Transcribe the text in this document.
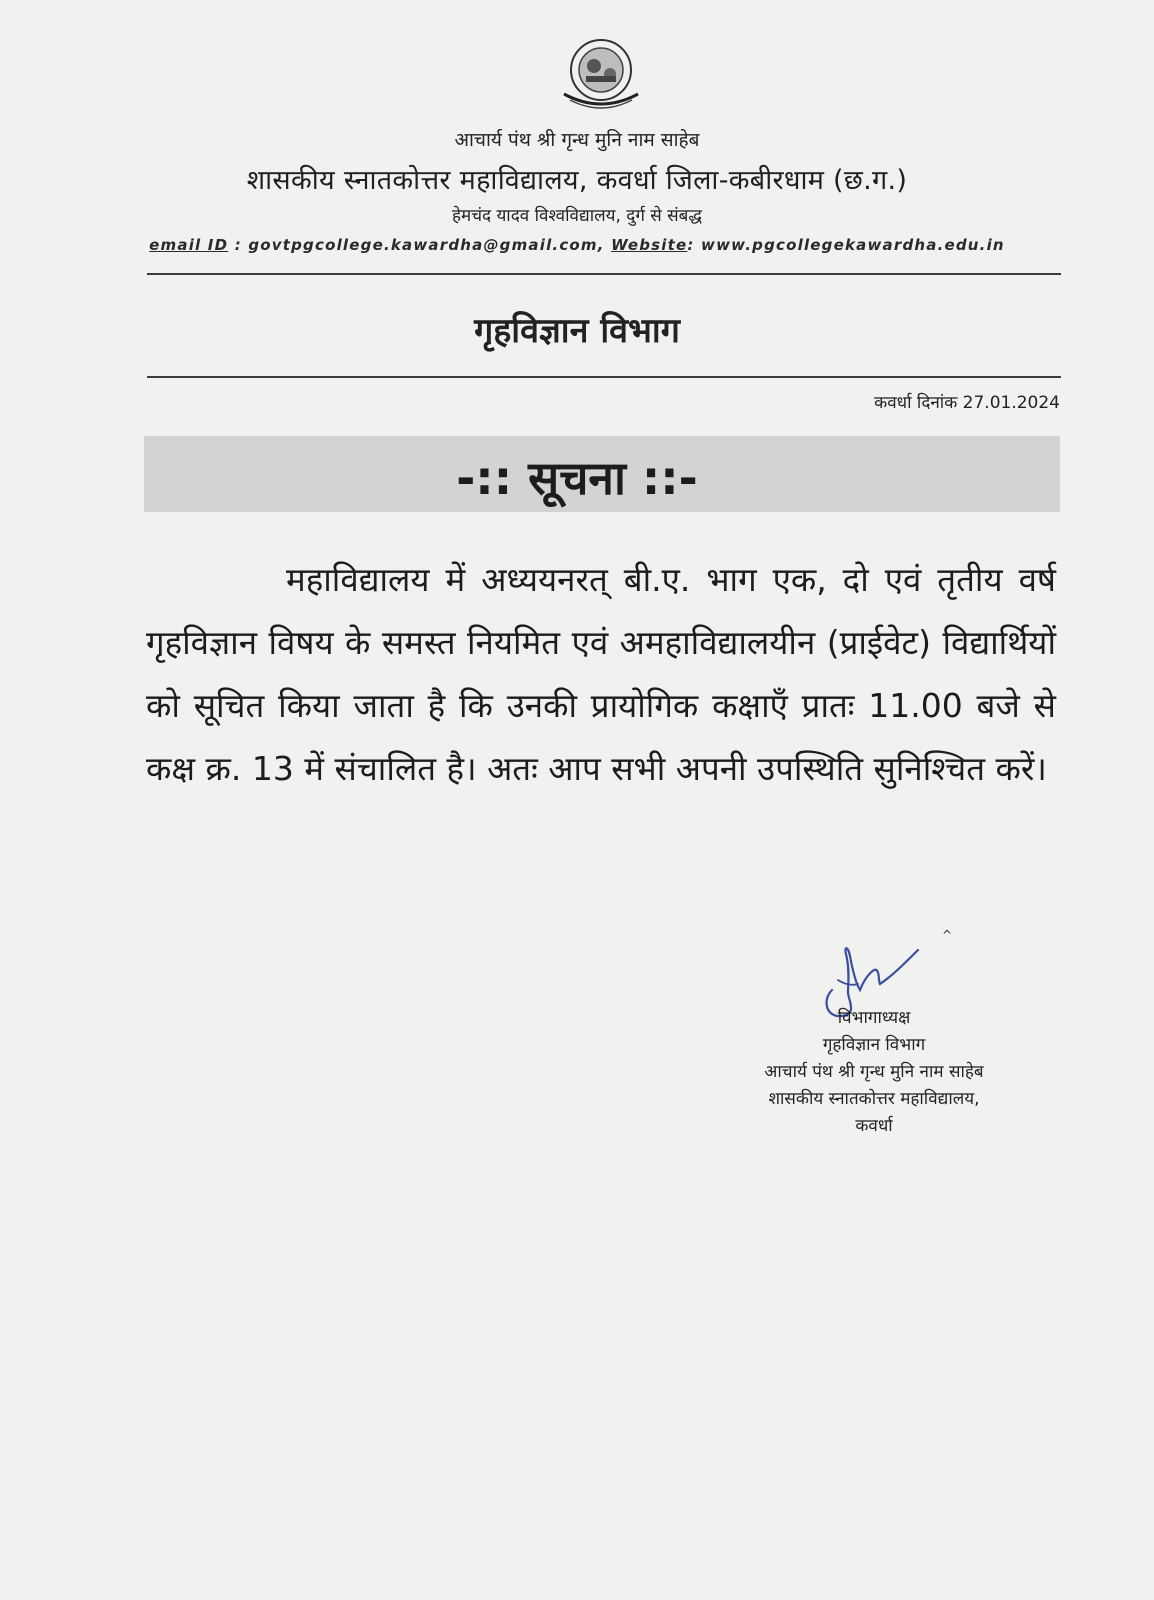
आचार्य पंथ श्री गृन्ध मुनि नाम साहेब
शासकीय स्नातकोत्तर महाविद्यालय, कवर्धा जिला-कबीरधाम (छ.ग.)
हेमचंद यादव विश्वविद्यालय, दुर्ग से संबद्ध
email ID : govtpgcollege.kawardha@gmail.com, Website: www.pgcollegekawardha.edu.in
गृहविज्ञान विभाग
कवर्धा दिनांक 27.01.2024
-:: सूचना ::-

महाविद्यालय में अध्ययनरत् बी.ए. भाग एक, दो एवं तृतीय वर्ष गृहविज्ञान विषय के समस्त नियमित एवं अमहाविद्यालयीन (प्राईवेट) विद्यार्थियों को सूचित किया जाता है कि उनकी प्रायोगिक कक्षाएँ प्रातः 11.00 बजे से कक्ष क्र. 13 में संचालित है। अतः आप सभी अपनी उपस्थिति सुनिश्चित करें।

^
विभागाध्यक्ष
गृहविज्ञान विभाग
आचार्य पंथ श्री गृन्ध मुनि नाम साहेब
शासकीय स्नातकोत्तर महाविद्यालय,
कवर्धा
